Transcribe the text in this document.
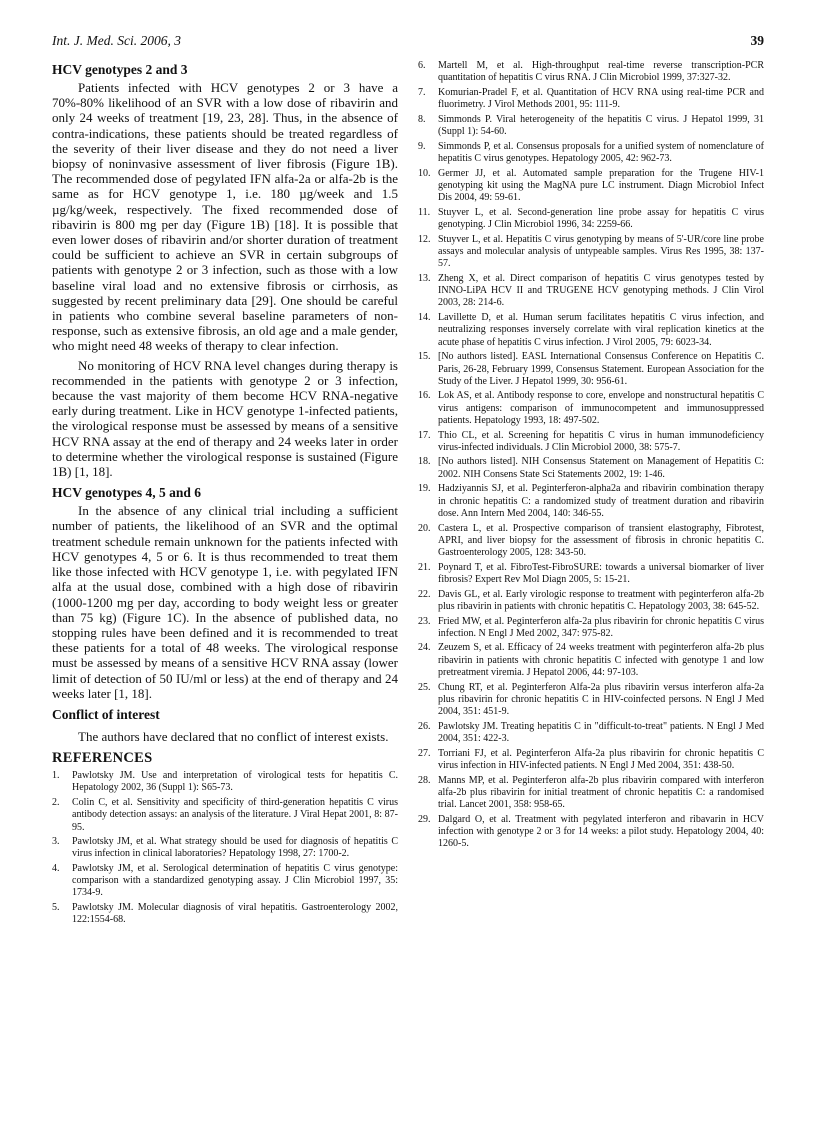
Int. J. Med. Sci. 2006, 3	39
HCV genotypes 2 and 3

Patients infected with HCV genotypes 2 or 3 have a 70%-80% likelihood of an SVR with a low dose of ribavirin and only 24 weeks of treatment [19, 23, 28]. Thus, in the absence of contra-indications, these patients should be treated regardless of the severity of their liver disease and they do not need a liver biopsy of noninvasive assessment of liver fibrosis (Figure 1B). The recommended dose of pegylated IFN alfa-2a or alfa-2b is the same as for HCV genotype 1, i.e. 180 µg/week and 1.5 µg/kg/week, respectively. The fixed recommended dose of ribavirin is 800 mg per day (Figure 1B) [18]. It is possible that even lower doses of ribavirin and/or shorter duration of treatment could be sufficient to achieve an SVR in certain subgroups of patients with genotype 2 or 3 infection, such as those with a low baseline viral load and no extensive fibrosis or cirrhosis, as suggested by recent preliminary data [29]. One should be careful in patients who combine several baseline parameters of non-response, such as extensive fibrosis, an old age and a male gender, who might need 48 weeks of therapy to clear infection.

No monitoring of HCV RNA level changes during therapy is recommended in the patients with genotype 2 or 3 infection, because the vast majority of them become HCV RNA-negative early during treatment. Like in HCV genotype 1-infected patients, the virological response must be assessed by means of a sensitive HCV RNA assay at the end of therapy and 24 weeks later in order to determine whether the virological response is sustained (Figure 1B) [1, 18].

HCV genotypes 4, 5 and 6

In the absence of any clinical trial including a sufficient number of patients, the likelihood of an SVR and the optimal treatment schedule remain unknown for the patients infected with HCV genotypes 4, 5 or 6. It is thus recommended to treat them like those infected with HCV genotype 1, i.e. with pegylated IFN alfa at the usual dose, combined with a high dose of ribavirin (1000-1200 mg per day, according to body weight less or greater than 75 kg) (Figure 1C). In the absence of published data, no stopping rules have been defined and it is recommended to treat these patients for a total of 48 weeks. The virological response must be assessed by means of a sensitive HCV RNA assay (lower limit of detection of 50 IU/ml or less) at the end of therapy and 24 weeks later [1, 18].

Conflict of interest

The authors have declared that no conflict of interest exists.

REFERENCES
1. Pawlotsky JM. Use and interpretation of virological tests for hepatitis C. Hepatology 2002, 36 (Suppl 1): S65-73.
2. Colin C, et al. Sensitivity and specificity of third-generation hepatitis C virus antibody detection assays: an analysis of the literature. J Viral Hepat 2001, 8: 87-95.
3. Pawlotsky JM, et al. What strategy should be used for diagnosis of hepatitis C virus infection in clinical laboratories? Hepatology 1998, 27: 1700-2.
4. Pawlotsky JM, et al. Serological determination of hepatitis C virus genotype: comparison with a standardized genotyping assay. J Clin Microbiol 1997, 35: 1734-9.
5. Pawlotsky JM. Molecular diagnosis of viral hepatitis. Gastroenterology 2002, 122:1554-68.
6. Martell M, et al. High-throughput real-time reverse transcription-PCR quantitation of hepatitis C virus RNA. J Clin Microbiol 1999, 37:327-32.
7. Komurian-Pradel F, et al. Quantitation of HCV RNA using real-time PCR and fluorimetry. J Virol Methods 2001, 95: 111-9.
8. Simmonds P. Viral heterogeneity of the hepatitis C virus. J Hepatol 1999, 31 (Suppl 1): 54-60.
9. Simmonds P, et al. Consensus proposals for a unified system of nomenclature of hepatitis C virus genotypes. Hepatology 2005, 42: 962-73.
10. Germer JJ, et al. Automated sample preparation for the Trugene HIV-1 genotyping kit using the MagNA pure LC instrument. Diagn Microbiol Infect Dis 2004, 49: 59-61.
11. Stuyver L, et al. Second-generation line probe assay for hepatitis C virus genotyping. J Clin Microbiol 1996, 34: 2259-66.
12. Stuyver L, et al. Hepatitis C virus genotyping by means of 5'-UR/core line probe assays and molecular analysis of untypeable samples. Virus Res 1995, 38: 137-57.
13. Zheng X, et al. Direct comparison of hepatitis C virus genotypes tested by INNO-LiPA HCV II and TRUGENE HCV genotyping methods. J Clin Virol 2003, 28: 214-6.
14. Lavillette D, et al. Human serum facilitates hepatitis C virus infection, and neutralizing responses inversely correlate with viral replication kinetics at the acute phase of hepatitis C virus infection. J Virol 2005, 79: 6023-34.
15. [No authors listed]. EASL International Consensus Conference on Hepatitis C. Paris, 26-28, February 1999, Consensus Statement. European Association for the Study of the Liver. J Hepatol 1999, 30: 956-61.
16. Lok AS, et al. Antibody response to core, envelope and nonstructural hepatitis C virus antigens: comparison of immunocompetent and immunosuppressed patients. Hepatology 1993, 18: 497-502.
17. Thio CL, et al. Screening for hepatitis C virus in human immunodeficiency virus-infected individuals. J Clin Microbiol 2000, 38: 575-7.
18. [No authors listed]. NIH Consensus Statement on Management of Hepatitis C: 2002. NIH Consens State Sci Statements 2002, 19: 1-46.
19. Hadziyannis SJ, et al. Peginterferon-alpha2a and ribavirin combination therapy in chronic hepatitis C: a randomized study of treatment duration and ribavirin dose. Ann Intern Med 2004, 140: 346-55.
20. Castera L, et al. Prospective comparison of transient elastography, Fibrotest, APRI, and liver biopsy for the assessment of fibrosis in chronic hepatitis C. Gastroenterology 2005, 128: 343-50.
21. Poynard T, et al. FibroTest-FibroSURE: towards a universal biomarker of liver fibrosis? Expert Rev Mol Diagn 2005, 5: 15-21.
22. Davis GL, et al. Early virologic response to treatment with peginterferon alfa-2b plus ribavirin in patients with chronic hepatitis C. Hepatology 2003, 38: 645-52.
23. Fried MW, et al. Peginterferon alfa-2a plus ribavirin for chronic hepatitis C virus infection. N Engl J Med 2002, 347: 975-82.
24. Zeuzem S, et al. Efficacy of 24 weeks treatment with peginterferon alfa-2b plus ribavirin in patients with chronic hepatitis C infected with genotype 1 and low pretreatment viremia. J Hepatol 2006, 44: 97-103.
25. Chung RT, et al. Peginterferon Alfa-2a plus ribavirin versus interferon alfa-2a plus ribavirin for chronic hepatitis C in HIV-coinfected persons. N Engl J Med 2004, 351: 451-9.
26. Pawlotsky JM. Treating hepatitis C in "difficult-to-treat" patients. N Engl J Med 2004, 351: 422-3.
27. Torriani FJ, et al. Peginterferon Alfa-2a plus ribavirin for chronic hepatitis C virus infection in HIV-infected patients. N Engl J Med 2004, 351: 438-50.
28. Manns MP, et al. Peginterferon alfa-2b plus ribavirin compared with interferon alfa-2b plus ribavirin for initial treatment of chronic hepatitis C: a randomised trial. Lancet 2001, 358: 958-65.
29. Dalgard O, et al. Treatment with pegylated interferon and ribavarin in HCV infection with genotype 2 or 3 for 14 weeks: a pilot study. Hepatology 2004, 40: 1260-5.
